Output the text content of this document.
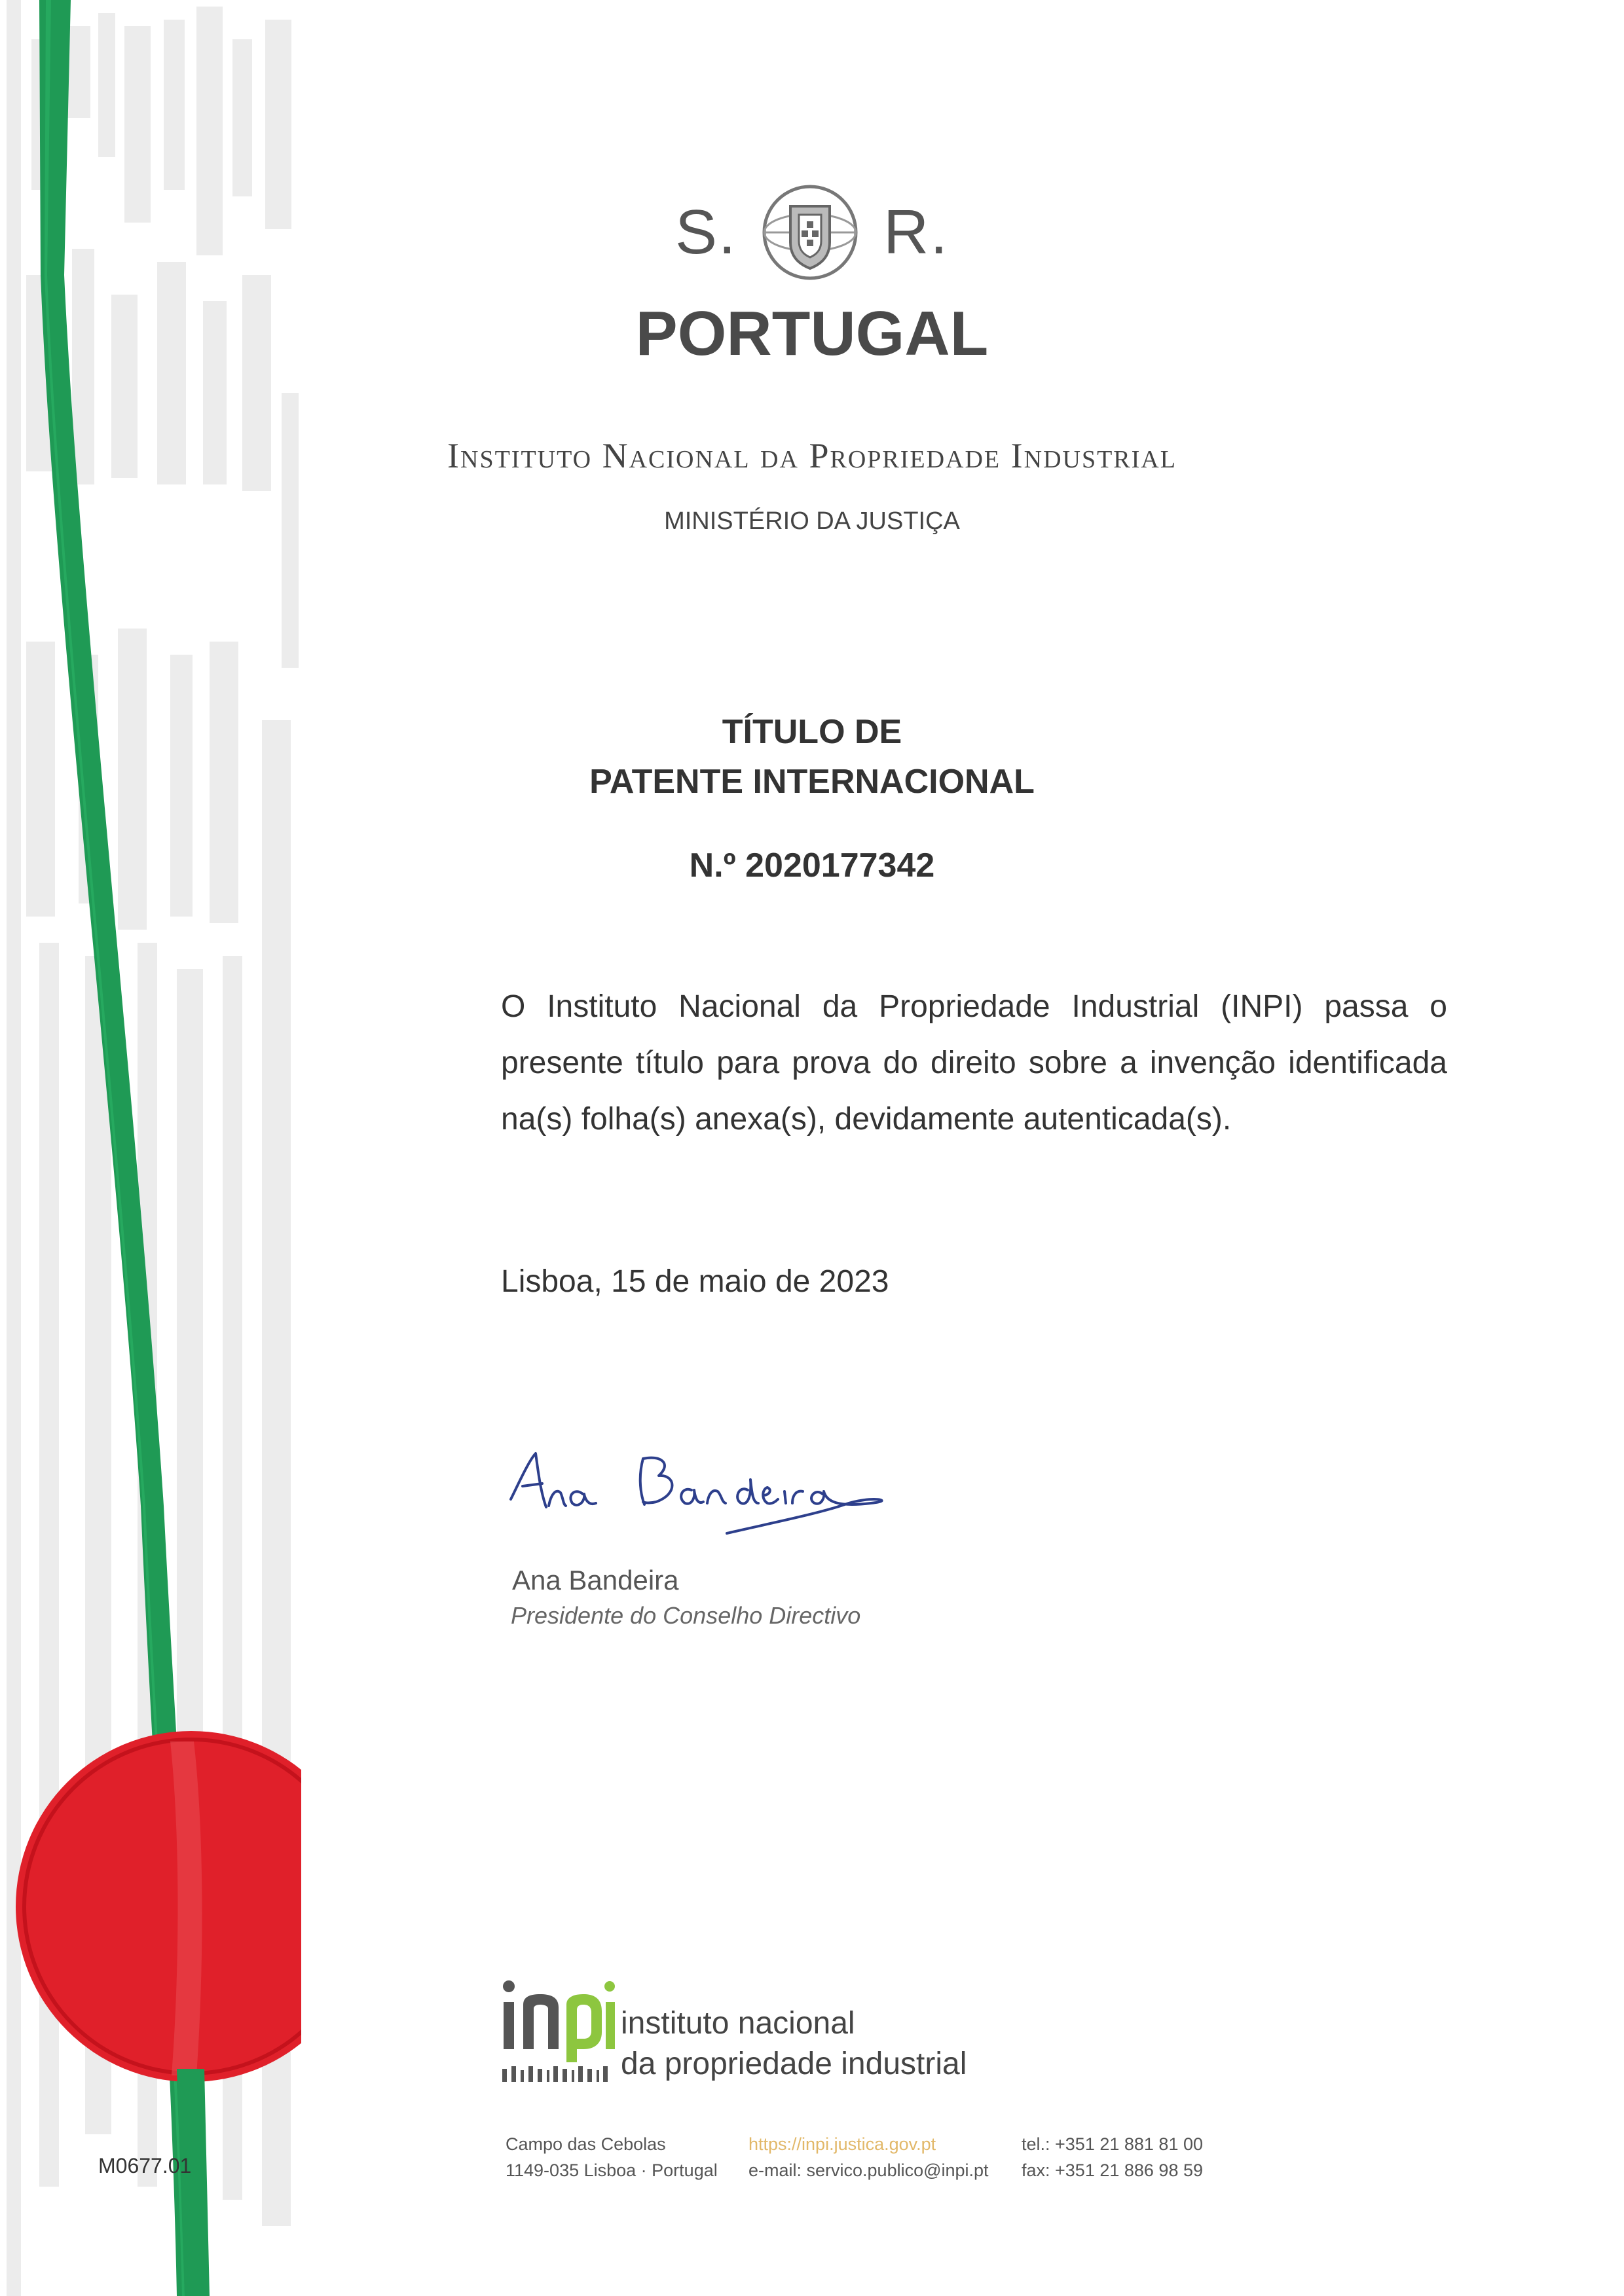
S. R.
PORTUGAL
Instituto Nacional da Propriedade Industrial
MINISTÉRIO DA JUSTIÇA
TÍTULO DE
PATENTE INTERNACIONAL
N.º 2020177342
O Instituto Nacional da Propriedade Industrial (INPI) passa o presente título para prova do direito sobre a invenção identificada na(s) folha(s) anexa(s), devidamente autenticada(s).
Lisboa, 15 de maio de 2023
Ana Bandeira
Presidente do Conselho Directivo
instituto nacional
da propriedade industrial
Campo das Cebolas
1149-035 Lisboa · Portugal
https://inpi.justica.gov.pt
e-mail: servico.publico@inpi.pt
tel.: +351 21 881 81 00
fax: +351 21 886 98 59
M0677.01
